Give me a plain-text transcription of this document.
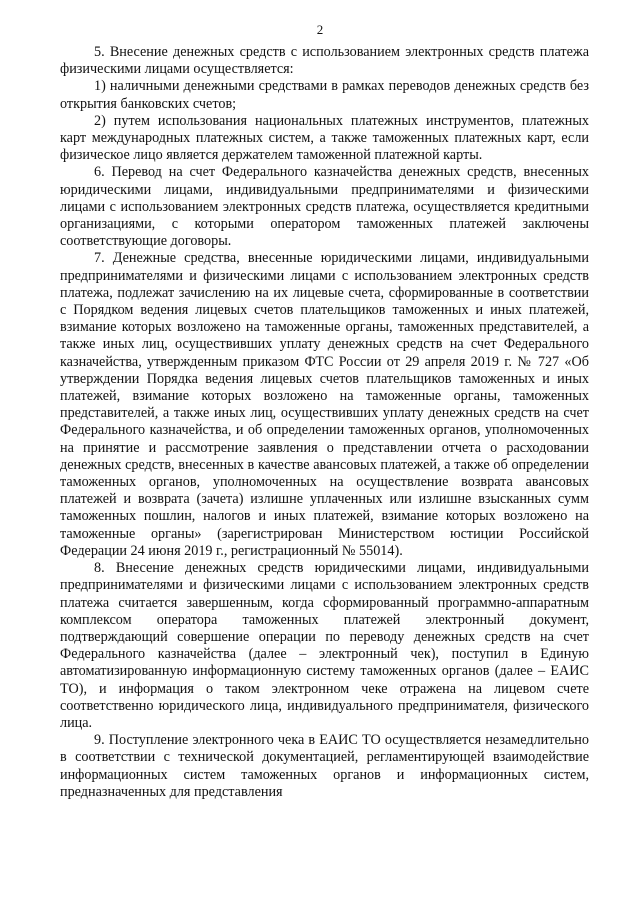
2

5. Внесение денежных средств с использованием электронных средств платежа физическими лицами осуществляется:

1) наличными денежными средствами в рамках переводов денежных средств без открытия банковских счетов;

2) путем использования национальных платежных инструментов, платежных карт международных платежных систем, а также таможенных платежных карт, если физическое лицо является держателем таможенной платежной карты.

6. Перевод на счет Федерального казначейства денежных средств, внесенных юридическими лицами, индивидуальными предпринимателями и физическими лицами с использованием электронных средств платежа, осуществляется кредитными организациями, с которыми оператором таможенных платежей заключены соответствующие договоры.

7. Денежные средства, внесенные юридическими лицами, индивидуальными предпринимателями и физическими лицами с использованием электронных средств платежа, подлежат зачислению на их лицевые счета, сформированные в соответствии с Порядком ведения лицевых счетов плательщиков таможенных и иных платежей, взимание которых возложено на таможенные органы, таможенных представителей, а также иных лиц, осуществивших уплату денежных средств на счет Федерального казначейства, утвержденным приказом ФТС России от 29 апреля 2019 г. № 727 «Об утверждении Порядка ведения лицевых счетов плательщиков таможенных и иных платежей, взимание которых возложено на таможенные органы, таможенных представителей, а также иных лиц, осуществивших уплату денежных средств на счет Федерального казначейства, и об определении таможенных органов, уполномоченных на принятие и рассмотрение заявления о представлении отчета о расходовании денежных средств, внесенных в качестве авансовых платежей, а также об определении таможенных органов, уполномоченных на осуществление возврата авансовых платежей и возврата (зачета) излишне уплаченных или излишне взысканных сумм таможенных пошлин, налогов и иных платежей, взимание которых возложено на таможенные органы» (зарегистрирован Министерством юстиции Российской Федерации 24 июня 2019 г., регистрационный № 55014).

8. Внесение денежных средств юридическими лицами, индивидуальными предпринимателями и физическими лицами с использованием электронных средств платежа считается завершенным, когда сформированный программно-аппаратным комплексом оператора таможенных платежей электронный документ, подтверждающий совершение операции по переводу денежных средств на счет Федерального казначейства (далее – электронный чек), поступил в Единую автоматизированную информационную систему таможенных органов (далее – ЕАИС ТО), и информация о таком электронном чеке отражена на лицевом счете соответственно юридического лица, индивидуального предпринимателя, физического лица.

9. Поступление электронного чека в ЕАИС ТО осуществляется незамедлительно в соответствии с технической документацией, регламентирующей взаимодействие информационных систем таможенных органов и информационных систем, предназначенных для представления
